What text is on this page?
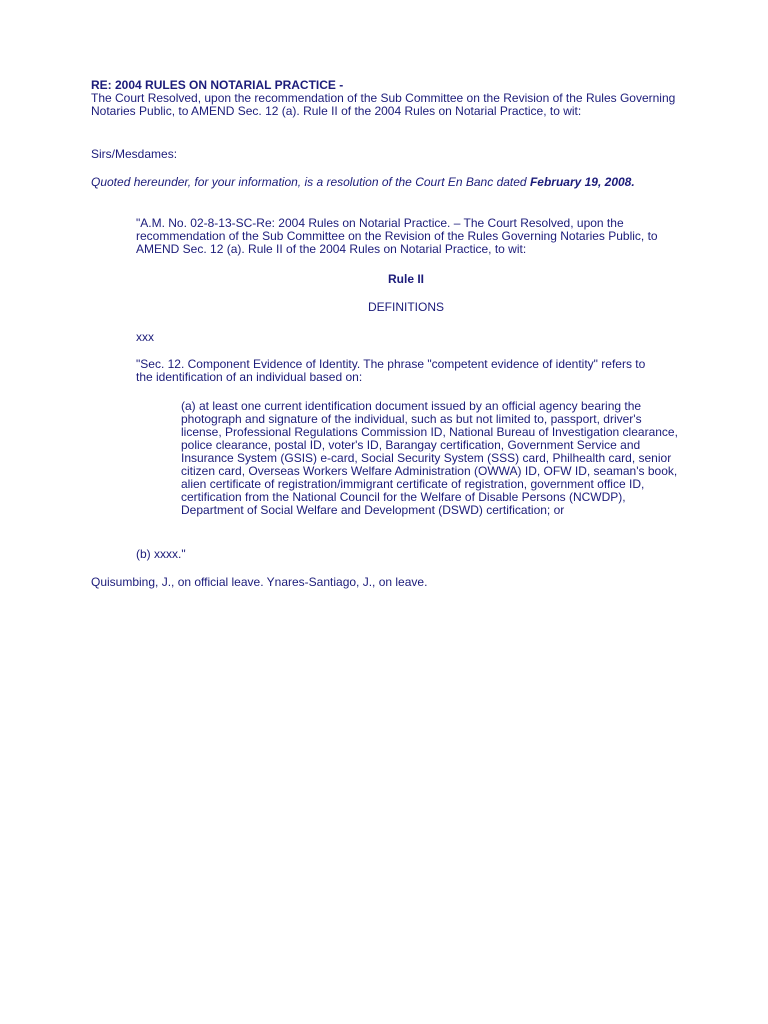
RE: 2004 RULES ON NOTARIAL PRACTICE -

The Court Resolved, upon the recommendation of the Sub Committee on the Revision of the Rules Governing Notaries Public, to AMEND Sec. 12 (a). Rule II of the 2004 Rules on Notarial Practice, to wit:

Sirs/Mesdames:

Quoted hereunder, for your information, is a resolution of the Court En Banc dated February 19, 2008.

"A.M. No. 02-8-13-SC-Re: 2004 Rules on Notarial Practice. – The Court Resolved, upon the recommendation of the Sub Committee on the Revision of the Rules Governing Notaries Public, to AMEND Sec. 12 (a). Rule II of the 2004 Rules on Notarial Practice, to wit:

Rule II

DEFINITIONS

xxx

"Sec. 12. Component Evidence of Identity. The phrase "competent evidence of identity" refers to the identification of an individual based on:

(a) at least one current identification document issued by an official agency bearing the photograph and signature of the individual, such as but not limited to, passport, driver's license, Professional Regulations Commission ID, National Bureau of Investigation clearance, police clearance, postal ID, voter's ID, Barangay certification, Government Service and Insurance System (GSIS) e-card, Social Security System (SSS) card, Philhealth card, senior citizen card, Overseas Workers Welfare Administration (OWWA) ID, OFW ID, seaman's book, alien certificate of registration/immigrant certificate of registration, government office ID, certification from the National Council for the Welfare of Disable Persons (NCWDP), Department of Social Welfare and Development (DSWD) certification; or

(b) xxxx."

Quisumbing, J., on official leave. Ynares-Santiago, J., on leave.
